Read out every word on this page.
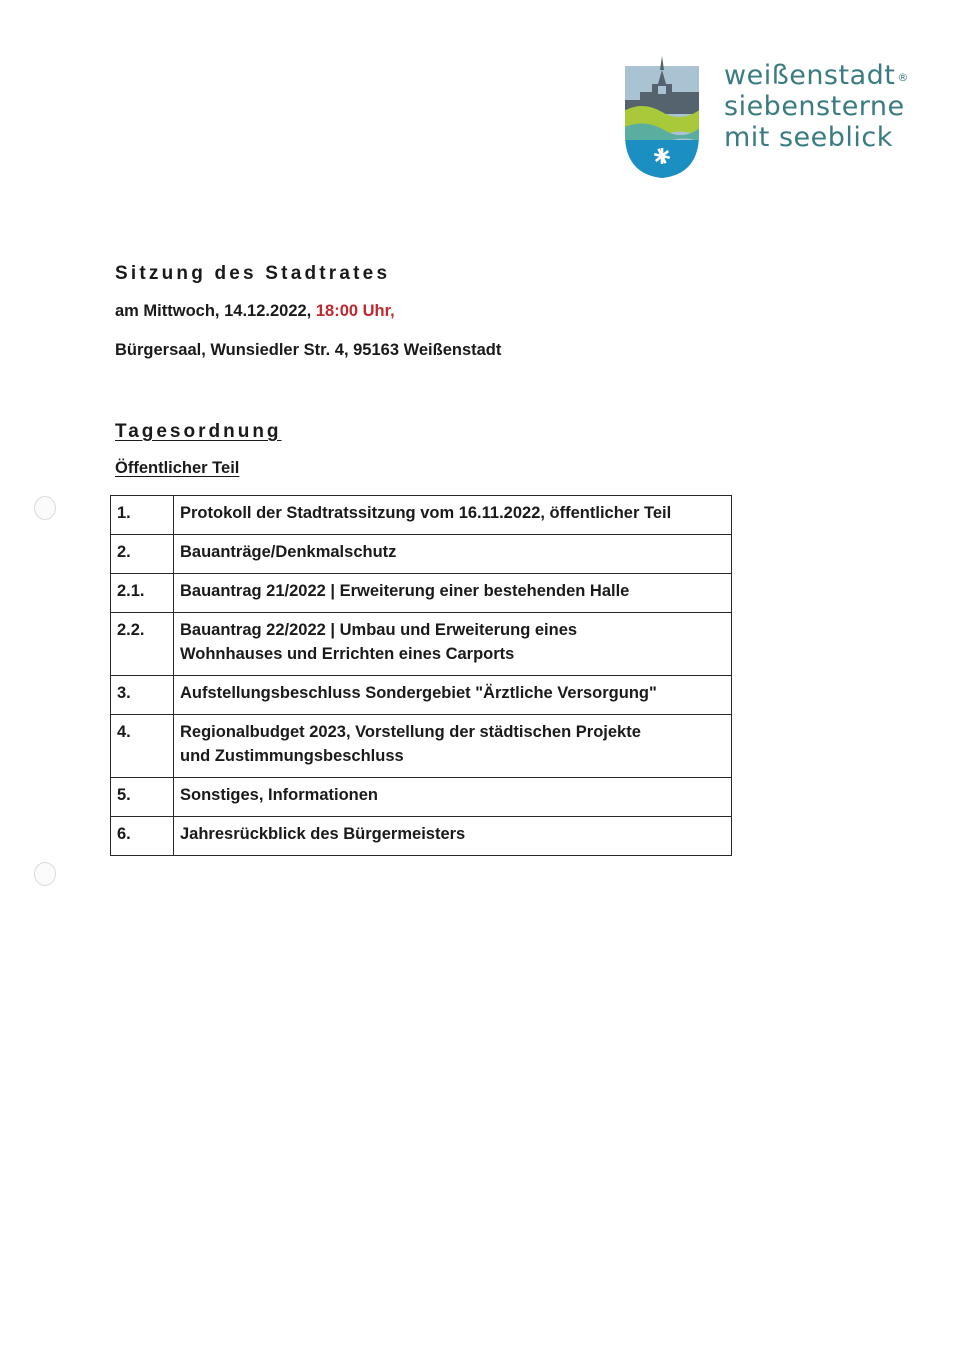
weißenstadt ®
siebensterne
mit seeblick
Sitzung des Stadtrates
am Mittwoch, 14.12.2022, 18:00 Uhr,
Bürgersaal, Wunsiedler Str. 4, 95163 Weißenstadt
Tagesordnung
Öffentlicher Teil
1.	Protokoll der Stadtratssitzung vom 16.11.2022, öffentlicher Teil
2.	Bauanträge/Denkmalschutz
2.1.	Bauantrag 21/2022 | Erweiterung einer bestehenden Halle
2.2.	Bauantrag 22/2022 | Umbau und Erweiterung eines
Wohnhauses und Errichten eines Carports
3.	Aufstellungsbeschluss Sondergebiet "Ärztliche Versorgung"
4.	Regionalbudget 2023, Vorstellung der städtischen Projekte
und Zustimmungsbeschluss
5.	Sonstiges, Informationen
6.	Jahresrückblick des Bürgermeisters
